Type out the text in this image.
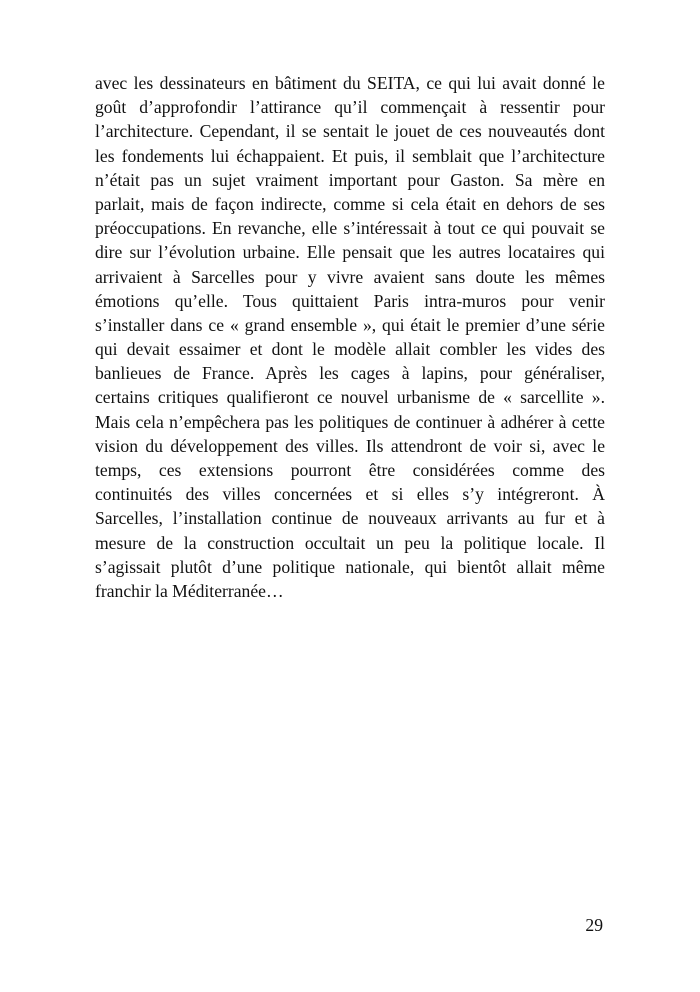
avec les dessinateurs en bâtiment du SEITA, ce qui lui avait donné le
goût d’approfondir l’attirance qu’il commençait à ressentir pour
l’architecture. Cependant, il se sentait le jouet de ces nouveautés dont
les fondements lui échappaient. Et puis, il semblait que l’architecture
n’était pas un sujet vraiment important pour Gaston. Sa mère en
parlait, mais de façon indirecte, comme si cela était en dehors de ses
préoccupations. En revanche, elle s’intéressait à tout ce qui pouvait se
dire sur l’évolution urbaine. Elle pensait que les autres locataires qui
arrivaient à Sarcelles pour y vivre avaient sans doute les mêmes
émotions qu’elle. Tous quittaient Paris intra-muros pour venir
s’installer dans ce « grand ensemble », qui était le premier d’une série
qui devait essaimer et dont le modèle allait combler les vides des
banlieues de France. Après les cages à lapins, pour généraliser,
certains critiques qualifieront ce nouvel urbanisme de « sarcellite ».
Mais cela n’empêchera pas les politiques de continuer à adhérer à cette
vision du développement des villes. Ils attendront de voir si, avec le
temps, ces extensions pourront être considérées comme des
continuités des villes concernées et si elles s’y intégreront. À
Sarcelles, l’installation continue de nouveaux arrivants au fur et à
mesure de la construction occultait un peu la politique locale. Il
s’agissait plutôt d’une politique nationale, qui bientôt allait même
franchir la Méditerranée…
29
